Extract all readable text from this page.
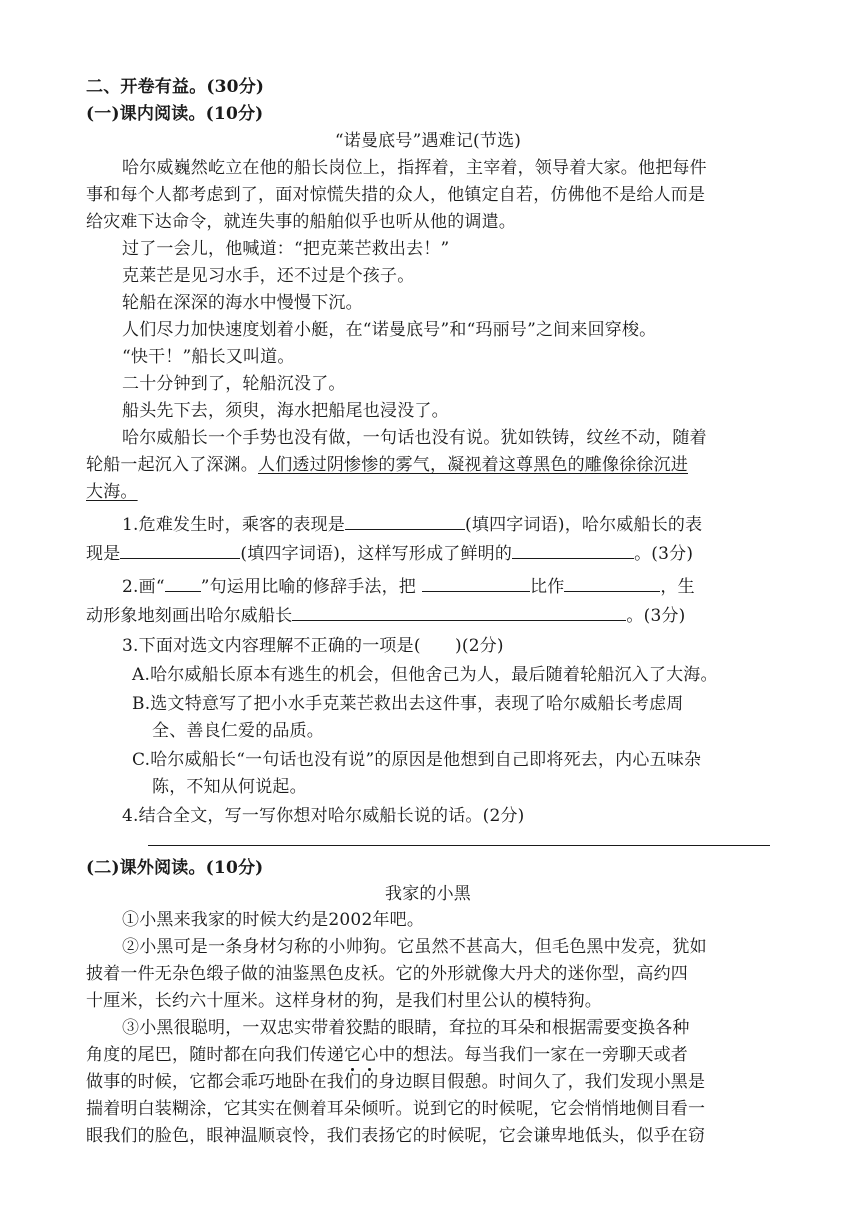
二、开卷有益。(30分)
(一)课内阅读。(10分)
“诺曼底号”遇难记(节选)
哈尔威巍然屹立在他的船长岗位上，指挥着，主宰着，领导着大家。他把每件
事和每个人都考虑到了，面对惊慌失措的众人，他镇定自若，仿佛他不是给人而是
给灾难下达命令，就连失事的船舶似乎也听从他的调遣。
过了一会儿，他喊道：“把克莱芒救出去！”
克莱芒是见习水手，还不过是个孩子。
轮船在深深的海水中慢慢下沉。
人们尽力加快速度划着小艇，在“诺曼底号”和“玛丽号”之间来回穿梭。
“快干！”船长又叫道。
二十分钟到了，轮船沉没了。
船头先下去，须臾，海水把船尾也浸没了。
哈尔威船长一个手势也没有做，一句话也没有说。犹如铁铸，纹丝不动，随着
轮船一起沉入了深渊。人们透过阴惨惨的雾气，凝视着这尊黑色的雕像徐徐沉进
大海。
1.危难发生时，乘客的表现是	(填四字词语)，哈尔威船长的表
现是	(填四字词语)，这样写形成了鲜明的	。(3分)
2.画“ ”句运用比喻的修辞手法，把	比作	，生
动形象地刻画出哈尔威船长	。(3分)
3.下面对选文内容理解不正确的一项是(　　)(2分)
A.哈尔威船长原本有逃生的机会，但他舍己为人，最后随着轮船沉入了大海。
B.选文特意写了把小水手克莱芒救出去这件事，表现了哈尔威船长考虑周
全、善良仁爱的品质。
C.哈尔威船长“一句话也没有说”的原因是他想到自己即将死去，内心五味杂
陈，不知从何说起。
4.结合全文，写一写你想对哈尔威船长说的话。(2分)
(二)课外阅读。(10分)
我家的小黑
①小黑来我家的时候大约是2002年吧。
②小黑可是一条身材匀称的小帅狗。它虽然不甚高大，但毛色黑中发亮，犹如
披着一件无杂色缎子做的油鉴黑色皮袄。它的外形就像大丹犬的迷你型，高约四
十厘米，长约六十厘米。这样身材的狗，是我们村里公认的模特狗。
③小黑很聪明，一双忠实带着狡黠的眼睛，耷拉的耳朵和根据需要变换各种
角度的尾巴，随时都在向我们传递它心中的想法。每当我们一家在一旁聊天或者
做事的时候，它都会乖巧地卧在我们的身边瞑目假憩。时间久了，我们发现小黑是
揣着明白装糊涂，它其实在侧着耳朵倾听。说到它的时候呢，它会悄悄地侧目看一
眼我们的脸色，眼神温顺哀怜，我们表扬它的时候呢，它会谦卑地低头，似乎在窃
